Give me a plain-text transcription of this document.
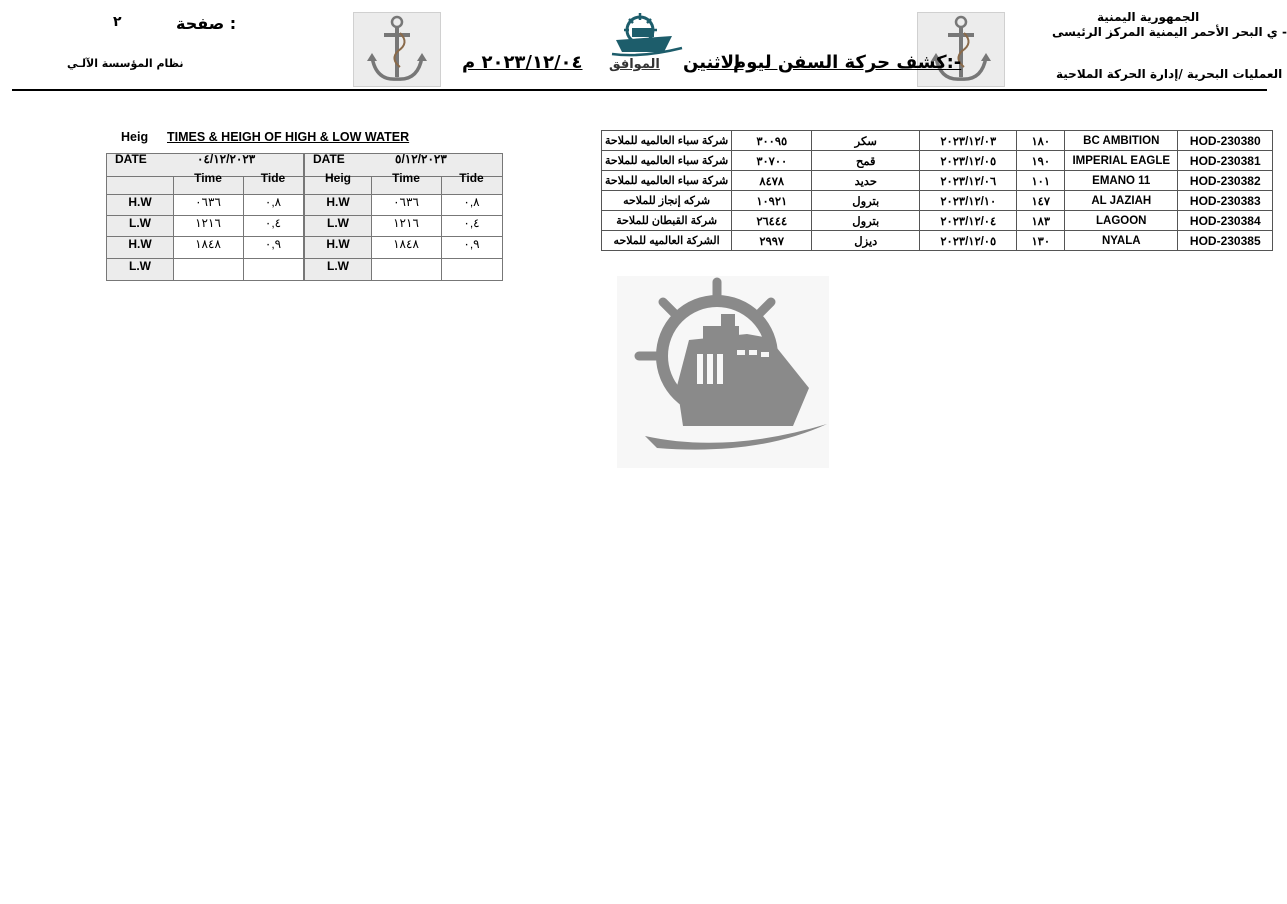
الجمهورية اليمنية
ي البحر الأحمر اليمنية المركز الرئيسى -
العمليات البحرية /إدارة الحركة الملاحية
كشف حركة السفن ليوم:-
الاثنين
الموافق
٢٠٢٣/١٢/٠٤ م
صفحة :
٢
نظام المؤسسة الآلـي
شركة سباء العالميه للملاحة	٣٠٠٩٥	سكر	٢٠٢٣/١٢/٠٣	١٨٠	BC AMBITION	HOD-230380
شركة سباء العالميه للملاحة	٣٠٧٠٠	قمح	٢٠٢٣/١٢/٠٥	١٩٠	IMPERIAL EAGLE	HOD-230381
شركة سباء العالميه للملاحة	٨٤٧٨	حديد	٢٠٢٣/١٢/٠٦	١٠١	EMANO 11	HOD-230382
شركه إنجاز للملاحه	١٠٩٢١	بترول	٢٠٢٣/١٢/١٠	١٤٧	AL JAZIAH	HOD-230383
شركة القبطان للملاحة	٢٦٤٤٤	بترول	٢٠٢٣/١٢/٠٤	١٨٣	LAGOON	HOD-230384
الشركة العالميه للملاحه	٢٩٩٧	ديزل	٢٠٢٣/١٢/٠٥	١٣٠	NYALA	HOD-230385
Heig TIMES & HEIGH OF HIGH & LOW WATER
DATE	٠٤/١٢/٢٠٢٣
Time	Tide
H.W	٠٦٣٦	٠,٨
L.W	١٢١٦	٠,٤
H.W	١٨٤٨	٠,٩
L.W
DATE	٥/١٢/٢٠٢٣
Heig	Time	Tide
H.W	٠٦٣٦	٠,٨
L.W	١٢١٦	٠,٤
H.W	١٨٤٨	٠,٩
L.W
